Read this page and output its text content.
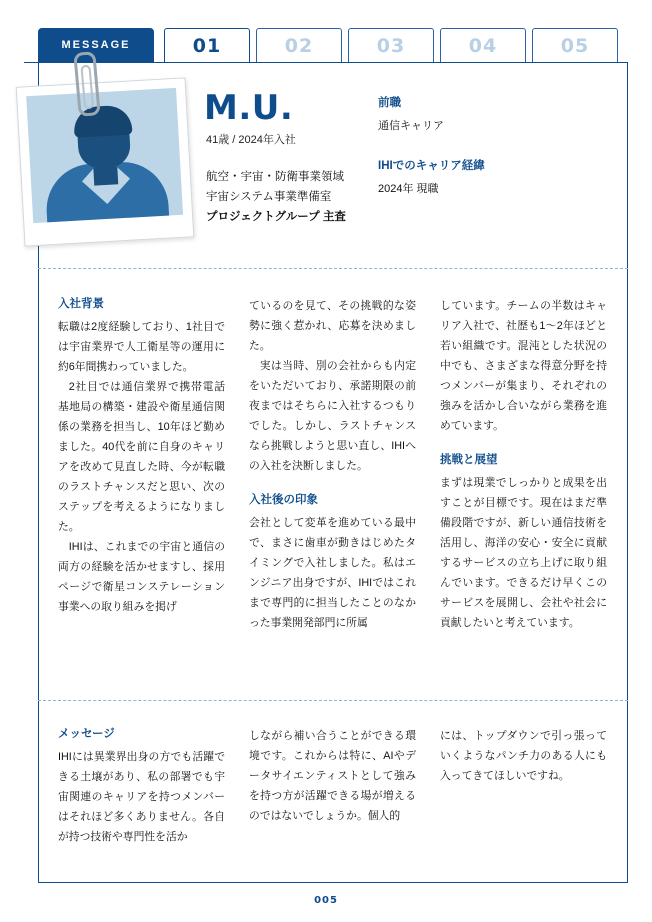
MESSAGE	01	02	03	04	05
M.U.
41歳 / 2024年入社
航空・宇宙・防衛事業領域
宇宙システム事業準備室
プロジェクトグループ 主査
前職
通信キャリア
IHIでのキャリア経緯
2024年 現職
入社背景

転職は2度経験しており、1社目では宇宙業界で人工衛星等の運用に約6年間携わっていました。

2社目では通信業界で携帯電話基地局の構築・建設や衛星通信関係の業務を担当し、10年ほど勤めました。40代を前に自身のキャリアを改めて見直した時、今が転職のラストチャンスだと思い、次のステップを考えるようになりました。

IHIは、これまでの宇宙と通信の両方の経験を活かせますし、採用ページで衛星コンステレーション事業への取り組みを掲げ

ているのを見て、その挑戦的な姿勢に強く惹かれ、応募を決めました。

実は当時、別の会社からも内定をいただいており、承諾期限の前夜まではそちらに入社するつもりでした。しかし、ラストチャンスなら挑戦しようと思い直し、IHIへの入社を決断しました。

入社後の印象

会社として変革を進めている最中で、まさに歯車が動きはじめたタイミングで入社しました。私はエンジニア出身ですが、IHIではこれまで専門的に担当したことのなかった事業開発部門に所属

しています。チームの半数はキャリア入社で、社歴も1～2年ほどと若い組織です。混沌とした状況の中でも、さまざまな得意分野を持つメンバーが集まり、それぞれの強みを活かし合いながら業務を進めています。

挑戦と展望

まずは現業でしっかりと成果を出すことが目標です。現在はまだ準備段階ですが、新しい通信技術を活用し、海洋の安心・安全に貢献するサービスの立ち上げに取り組んでいます。できるだけ早くこのサービスを展開し、会社や社会に貢献したいと考えています。

メッセージ

IHIには異業界出身の方でも活躍できる土壌があり、私の部署でも宇宙関連のキャリアを持つメンバーはそれほど多くありません。各自が持つ技術や専門性を活か

しながら補い合うことができる環境です。これからは特に、AIやデータサイエンティストとして強みを持つ方が活躍できる場が増えるのではないでしょうか。個人的

には、トップダウンで引っ張っていくようなパンチ力のある人にも入ってきてほしいですね。

005
